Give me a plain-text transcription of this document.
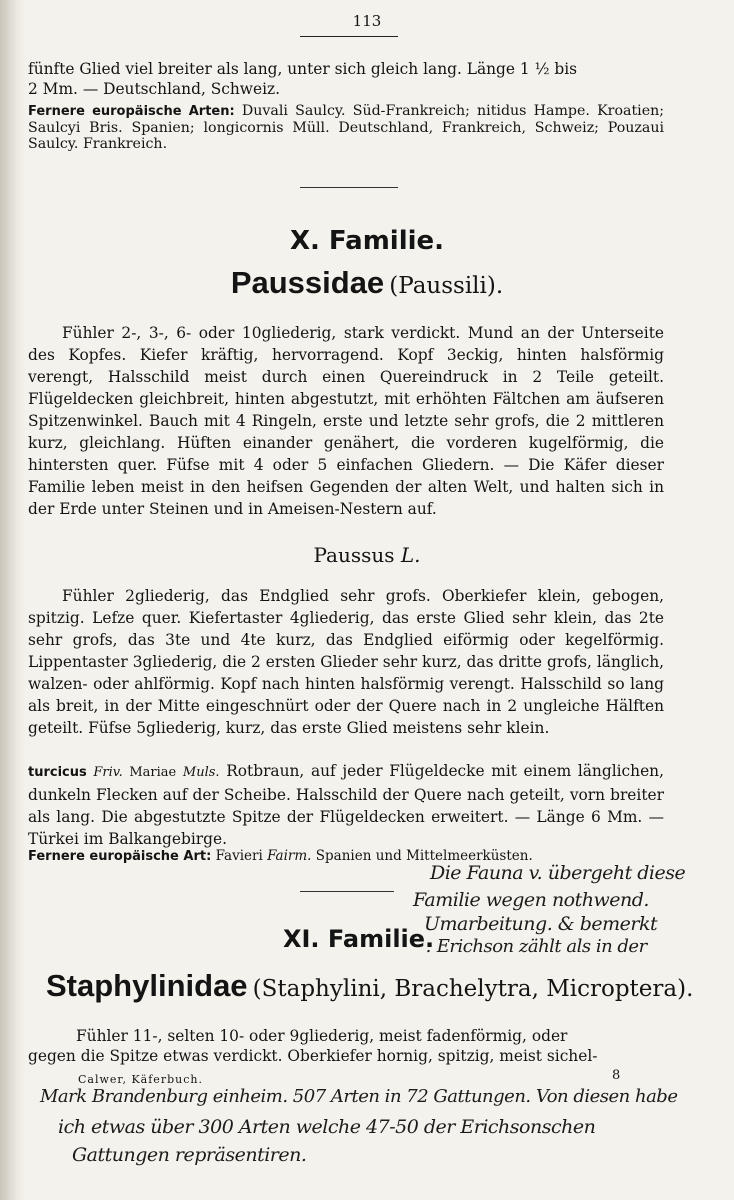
113

fünfte Glied viel breiter als lang, unter sich gleich lang. Länge 1 ½ bis

2 Mm. — Deutschland, Schweiz.

Fernere europäische Arten: Duvali Saulcy. Süd-Frankreich; nitidus Hampe. Kroatien; Saulcyi Bris. Spanien; longicornis Müll. Deutschland, Frankreich, Schweiz; Pouzaui Saulcy. Frankreich.

X. Familie.
Paussidae (Paussili).

Fühler 2-, 3-, 6- oder 10gliederig, stark verdickt. Mund an der Unterseite des Kopfes. Kiefer kräftig, hervorragend. Kopf 3eckig, hinten halsförmig verengt, Halsschild meist durch einen Quereindruck in 2 Teile geteilt. Flügeldecken gleichbreit, hinten abgestutzt, mit erhöhten Fältchen am äufseren Spitzenwinkel. Bauch mit 4 Ringeln, erste und letzte sehr grofs, die 2 mittleren kurz, gleichlang. Hüften einander genähert, die vorderen kugelförmig, die hintersten quer. Füfse mit 4 oder 5 einfachen Gliedern. — Die Käfer dieser Familie leben meist in den heifsen Gegenden der alten Welt, und halten sich in der Erde unter Steinen und in Ameisen-Nestern auf.

Paussus L.

Fühler 2gliederig, das Endglied sehr grofs. Oberkiefer klein, gebogen, spitzig. Lefze quer. Kiefertaster 4gliederig, das erste Glied sehr klein, das 2te sehr grofs, das 3te und 4te kurz, das Endglied eiförmig oder kegelförmig. Lippentaster 3gliederig, die 2 ersten Glieder sehr kurz, das dritte grofs, länglich, walzen- oder ahlförmig. Kopf nach hinten halsförmig verengt. Halsschild so lang als breit, in der Mitte eingeschnürt oder der Quere nach in 2 ungleiche Hälften geteilt. Füfse 5gliederig, kurz, das erste Glied meistens sehr klein.

turcicus Friv. Mariae Muls. Rotbraun, auf jeder Flügeldecke mit einem länglichen, dunkeln Flecken auf der Scheibe. Halsschild der Quere nach geteilt, vorn breiter als lang. Die abgestutzte Spitze der Flügeldecken erweitert. — Länge 6 Mm. — Türkei im Balkangebirge.

Fernere europäische Art: Favieri Fairm. Spanien und Mittelmeerküsten.

XI. Familie.
Staphylinidae (Staphylini, Brachelytra, Microptera).

Fühler 11-, selten 10- oder 9gliederig, meist fadenförmig, oder

gegen die Spitze etwas verdickt. Oberkiefer hornig, spitzig, meist sichel-

Calwer, Käferbuch.	8
Die Fauna v. übergeht diese
Familie wegen nothwend.
Umarbeitung. & bemerkt
: Erichson zählt als in der
Mark Brandenburg einheim. 507 Arten in 72 Gattungen. Von diesen habe
ich etwas über 300 Arten welche 47-50 der Erichsonschen
Gattungen repräsentiren.
